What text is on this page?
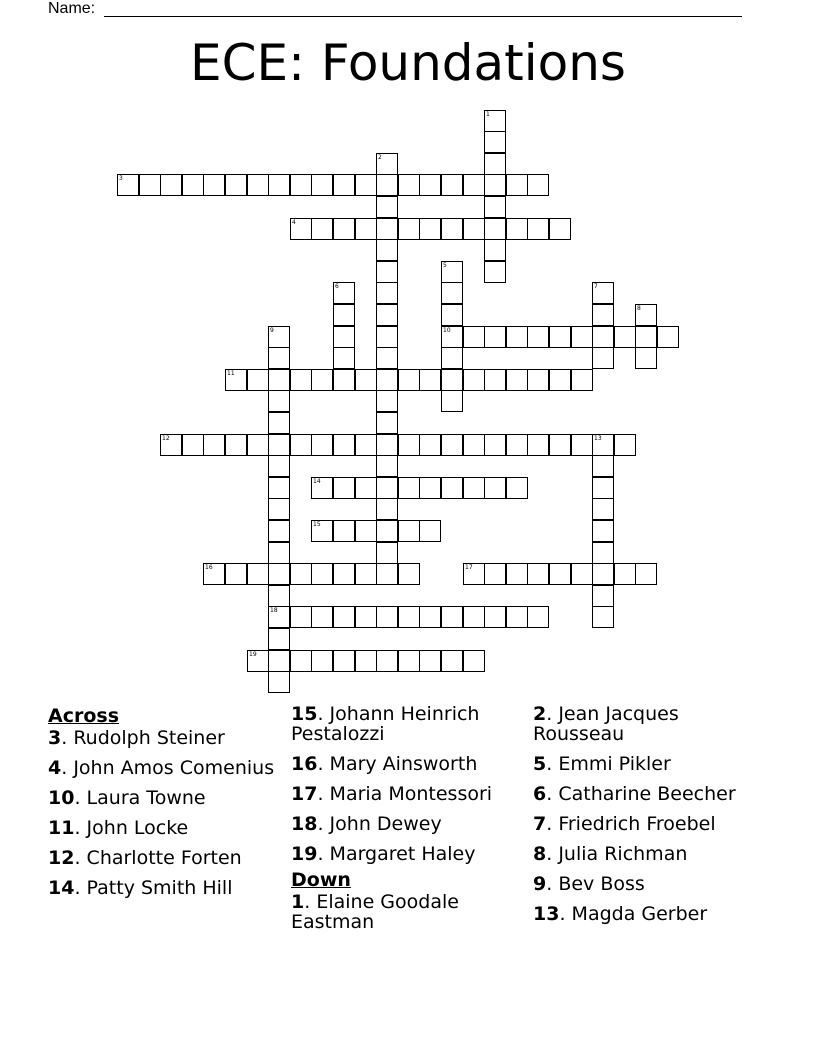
Name:
ECE: Foundations
1
2
3
4
5
10
6	7
8
9
18
11
12	13
14
15
16	17
19
Across
3. Rudolph Steiner
4. John Amos Comenius
10. Laura Towne
11. John Locke
12. Charlotte Forten
14. Patty Smith Hill
15. Johann Heinrich Pestalozzi
16. Mary Ainsworth
17. Maria Montessori
18. John Dewey
19. Margaret Haley
Down
1. Elaine Goodale Eastman
2. Jean Jacques Rousseau
5. Emmi Pikler
6. Catharine Beecher
7. Friedrich Froebel
8. Julia Richman
9. Bev Boss
13. Magda Gerber
